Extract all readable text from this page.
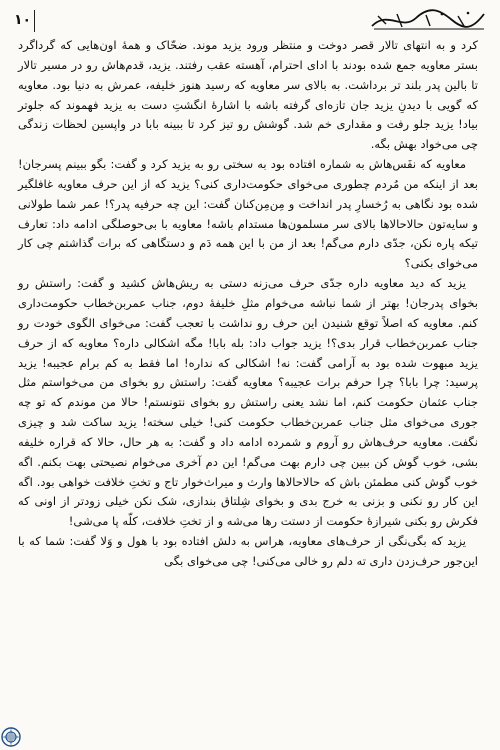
١٠

کرد و به انتهای تالار قصر دوخت و منتظر ورود یزید موند. ضحّاک و همهٔ اون‌هایی که گرداگرد بستر معاویه جمع شده بودند با ادای احترام، آهسته عقب رفتند. یزید، قدم‌هاش رو در مسیر تالار تا بالین پدر بلند تر برداشت. به بالای سر معاویه که رسید هنوز خلیفه، عمرش به دنیا بود. معاویه که گویی با دیدنِ یزید جان تازه‌ای گرفته باشه با اشارهٔ انگشتِ دست به یزید فهموند که جلوتر بیاد! یزید جلو رفت و مقداری خم شد. گوشش رو تیز کرد تا ببینه بابا در واپسین لحظات زندگی چی می‌خواد بهش بگه.

معاویه که نفَس‌هاش به شماره افتاده بود به سختی رو به یزید کرد و گفت: بگو ببینم پسرجان! بعد از اینکه من مُردم چطوری می‌خوای حکومت‌داری کنی؟ یزید که از این حرف معاویه غافلگیر شده بود نگاهی به رُخسارِ پدر انداخت و مِن‌مِن‌کنان گفت: این چه حرفیه پدر؟! عمر شما طولانی و سایه‌تون حالا‌حالا‌ها بالای سر مسلمون‌ها مستدام باشه! معاویه با بی‌حوصلگی ادامه داد: تعارف تیکه پاره نکن، جدّی دارم می‌گم! بعد از من با این همه دَم و دستگاهی که برات گذاشتم چی کار می‌خوای بکنی؟

یزید که دید معاویه داره جدّی حرف می‌زنه دستی به ریش‌هاش کشید و گفت: راستش رو بخوای پدرجان! بهتر از شما نباشه می‌خوام مثلِ خلیفهٔ دوم، جناب عمربن‌خطاب حکومت‌داری کنم. معاویه که اصلاً توقع شنیدن این حرف رو نداشت با تعجب گفت: می‌خوای الگوی خودت رو جناب عمربن‌خطاب قرار بدی؟! یزید جواب داد: بله بابا! مگه اشکالی داره؟ معاویه که از حرف یزید مبهوت شده بود به آرامی گفت: نه! اشکالی که نداره! اما فقط به کم برام عجیبه! یزید پرسید: چرا بابا؟ چرا حرفم برات عجیبه؟ معاویه گفت: راستش رو بخوای من می‌خواستم مثل جناب عثمان حکومت کنم، اما نشد یعنی راستش رو بخوای نتونستم! حالا من موندم که تو چه جوری می‌خوای مثل جناب عمربن‌خطاب حکومت کنی! خیلی سخته! یزید ساکت شد و چیزی نگفت. معاویه حرف‌هاش رو آروم و شمرده ادامه داد و گفت: به هر حال، حالا که قراره خلیفه بشی، خوب گوش کن ببین چی دارم بهت می‌گم! این دم آخری می‌خوام نصیحتی بهت بکنم. اگه خوب گوش کنی مطمئن باش که حالا‌حالا‌ها وارث و میراث‌خوار تاج و تختِ خلافت خواهی بود. اگه این کار رو نکنی و بزنی به خرج بدی و بخوای شِلتاق بندازی، شک نکن خیلی زودتر از اونی که فکرش رو بکنی شیرازهٔ حکومت از دستت رها می‌شه و از تختِ خلافت، کلّه پا می‌شی!

یزید که بگی‌نگی از حرف‌های معاویه، هراس به دلش افتاده بود با هول و وَلا گفت: شما که با این‌جور حرف‌زدن داری ته دلم رو خالی می‌کنی! چی می‌خوای بگی
